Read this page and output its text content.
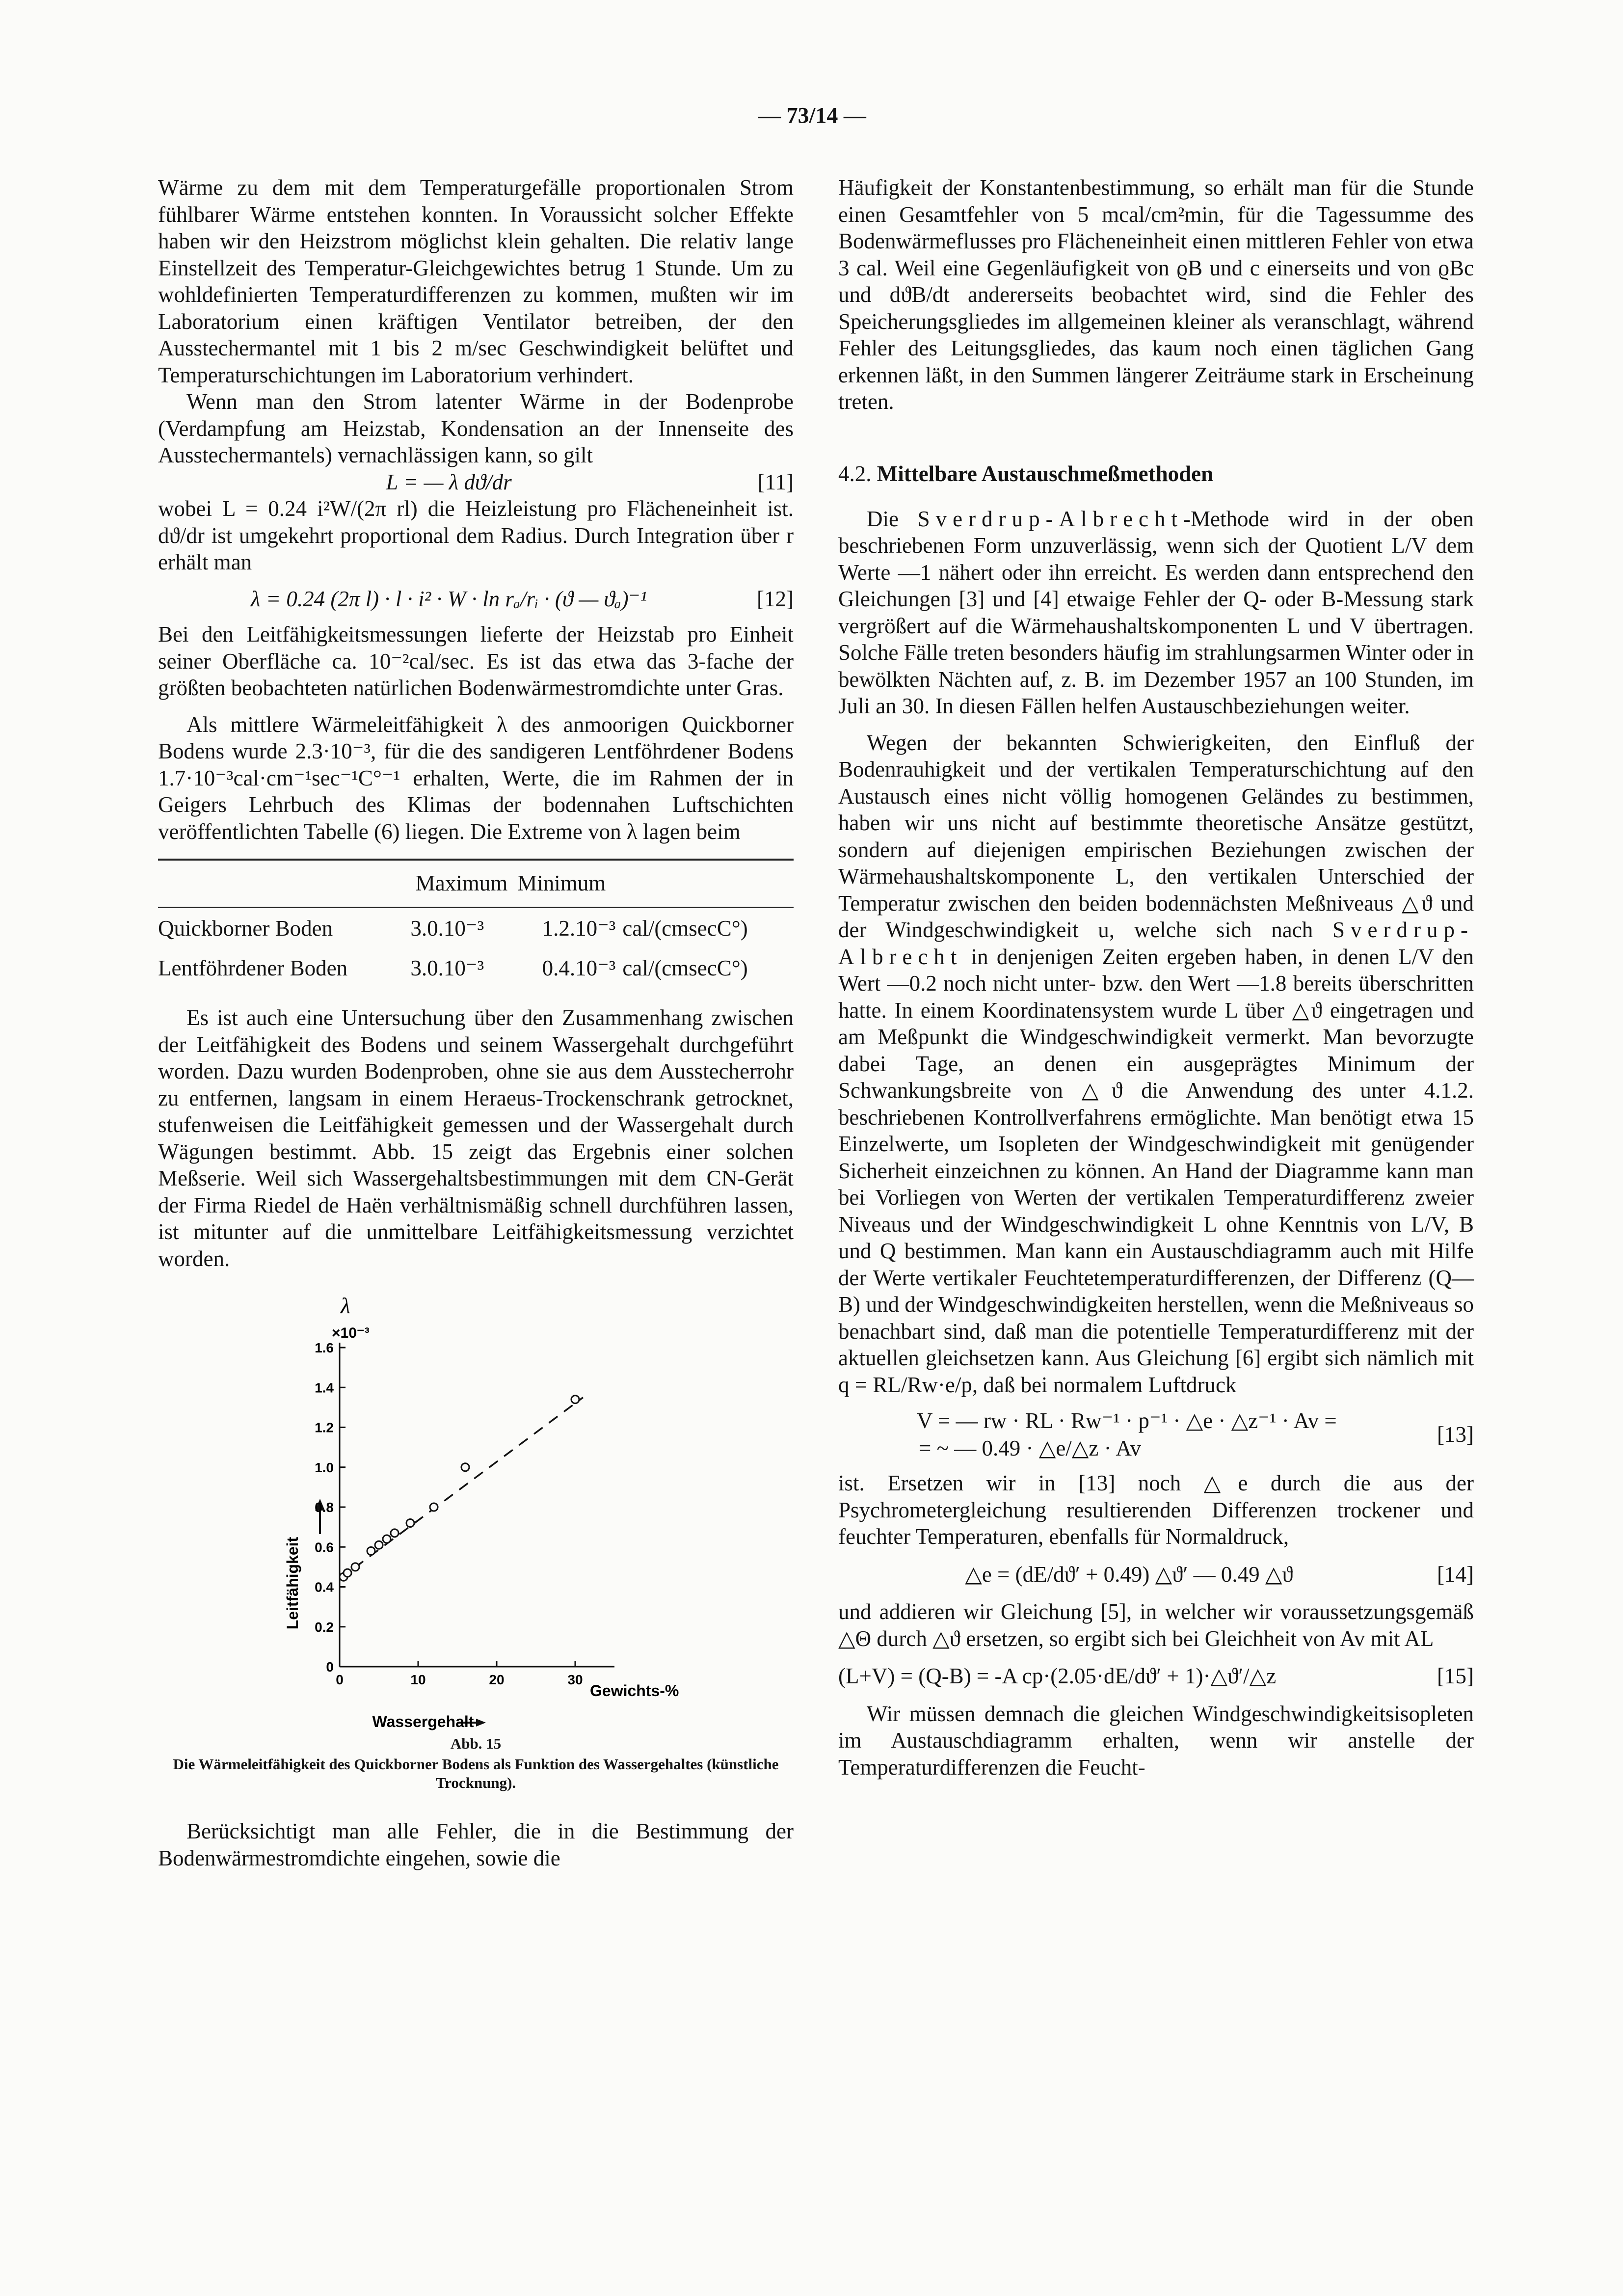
— 73/14 —

Wärme zu dem mit dem Temperaturgefälle proportionalen Strom fühlbarer Wärme entstehen konnten. In Voraussicht solcher Effekte haben wir den Heizstrom möglichst klein gehalten. Die relativ lange Einstellzeit des Temperatur-Gleichgewichtes betrug 1 Stunde. Um zu wohldefinierten Temperaturdifferenzen zu kommen, mußten wir im Laboratorium einen kräftigen Ventilator betreiben, der den Ausstechermantel mit 1 bis 2 m/sec Geschwindigkeit belüftet und Temperaturschichtungen im Laboratorium verhindert.

Wenn man den Strom latenter Wärme in der Bodenprobe (Verdampfung am Heizstab, Kondensation an der Innenseite des Ausstechermantels) vernachlässigen kann, so gilt

L = — λ dϑ/dr	[11]

wobei L = 0.24 i²W/(2π rl) die Heizleistung pro Flächeneinheit ist. dϑ/dr ist umgekehrt proportional dem Radius. Durch Integration über r erhält man

λ = 0.24 (2π l) · l · i² · W · ln rₐ/rᵢ · (ϑ — ϑₐ)⁻¹	[12]

Bei den Leitfähigkeitsmessungen lieferte der Heizstab pro Einheit seiner Oberfläche ca. 10⁻²cal/sec. Es ist das etwa das 3-fache der größten beobachteten natürlichen Bodenwärmestromdichte unter Gras.

Als mittlere Wärmeleitfähigkeit λ des anmoorigen Quickborner Bodens wurde 2.3·10⁻³, für die des sandigeren Lentföhrdener Bodens 1.7·10⁻³cal·cm⁻¹sec⁻¹C°⁻¹ erhalten, Werte, die im Rahmen der in Geigers Lehrbuch des Klimas der bodennahen Luftschichten veröffentlichten Tabelle (6) liegen. Die Extreme von λ lagen beim

	Maximum	Minimum	
Quickborner Boden	3.0.10⁻³	1.2.10⁻³	cal/(cmsecC°)
Lentföhrdener Boden	3.0.10⁻³	0.4.10⁻³	cal/(cmsecC°)

Es ist auch eine Untersuchung über den Zusammenhang zwischen der Leitfähigkeit des Bodens und seinem Wassergehalt durchgeführt worden. Dazu wurden Bodenproben, ohne sie aus dem Ausstecherrohr zu entfernen, langsam in einem Heraeus-Trockenschrank getrocknet, stufenweisen die Leitfähigkeit gemessen und der Wassergehalt durch Wägungen bestimmt. Abb. 15 zeigt das Ergebnis einer solchen Meßserie. Weil sich Wassergehaltsbestimmungen mit dem CN-Gerät der Firma Riedel de Haën verhältnismäßig schnell durchführen lassen, ist mitunter auf die unmittelbare Leitfähigkeitsmessung verzichtet worden.

0
0.2
0.4
0.6
0.8
1.0
1.2
1.4
1.6
0	10	20	30
λ
×10⁻³
Leitfähigkeit
Gewichts-%
Wassergehalt
Abb. 15
Die Wärmeleitfähigkeit des Quickborner Bodens als Funktion des Wassergehaltes (künstliche Trocknung).

Berücksichtigt man alle Fehler, die in die Bestimmung der Bodenwärmestromdichte eingehen, sowie die

Häufigkeit der Konstantenbestimmung, so erhält man für die Stunde einen Gesamtfehler von 5 mcal/cm²min, für die Tagessumme des Bodenwärmeflusses pro Flächeneinheit einen mittleren Fehler von etwa 3 cal. Weil eine Gegenläufigkeit von ϱB und c einerseits und von ϱBc und dϑB/dt andererseits beobachtet wird, sind die Fehler des Speicherungsgliedes im allgemeinen kleiner als veranschlagt, während Fehler des Leitungsgliedes, das kaum noch einen täglichen Gang erkennen läßt, in den Summen längerer Zeiträume stark in Erscheinung treten.

4.2. Mittelbare Austauschmeßmethoden

Die Sverdrup-Albrecht-Methode wird in der oben beschriebenen Form unzuverlässig, wenn sich der Quotient L/V dem Werte —1 nähert oder ihn erreicht. Es werden dann entsprechend den Gleichungen [3] und [4] etwaige Fehler der Q- oder B-Messung stark vergrößert auf die Wärmehaushaltskomponenten L und V übertragen. Solche Fälle treten besonders häufig im strahlungsarmen Winter oder in bewölkten Nächten auf, z. B. im Dezember 1957 an 100 Stunden, im Juli an 30. In diesen Fällen helfen Austauschbeziehungen weiter.

Wegen der bekannten Schwierigkeiten, den Einfluß der Bodenrauhigkeit und der vertikalen Temperaturschichtung auf den Austausch eines nicht völlig homogenen Geländes zu bestimmen, haben wir uns nicht auf bestimmte theoretische Ansätze gestützt, sondern auf diejenigen empirischen Beziehungen zwischen der Wärmehaushaltskomponente L, den vertikalen Unterschied der Temperatur zwischen den beiden bodennächsten Meßniveaus △ϑ und der Windgeschwindigkeit u, welche sich nach Sverdrup-Albrecht in denjenigen Zeiten ergeben haben, in denen L/V den Wert —0.2 noch nicht unter- bzw. den Wert —1.8 bereits überschritten hatte. In einem Koordinatensystem wurde L über △ϑ eingetragen und am Meßpunkt die Windgeschwindigkeit vermerkt. Man bevorzugte dabei Tage, an denen ein ausgeprägtes Minimum der Schwankungsbreite von △ϑ die Anwendung des unter 4.1.2. beschriebenen Kontrollverfahrens ermöglichte. Man benötigt etwa 15 Einzelwerte, um Isopleten der Windgeschwindigkeit mit genügender Sicherheit einzeichnen zu können. An Hand der Diagramme kann man bei Vorliegen von Werten der vertikalen Temperaturdifferenz zweier Niveaus und der Windgeschwindigkeit L ohne Kenntnis von L/V, B und Q bestimmen. Man kann ein Austauschdiagramm auch mit Hilfe der Werte vertikaler Feuchtetemperaturdifferenzen, der Differenz (Q—B) und der Windgeschwindigkeiten herstellen, wenn die Meßniveaus so benachbart sind, daß man die potentielle Temperaturdifferenz mit der aktuellen gleichsetzen kann. Aus Gleichung [6] ergibt sich nämlich mit q = RL/Rw·e/p, daß bei normalem Luftdruck

V = — rw · RL · Rw⁻¹ · p⁻¹ · △e · △z⁻¹ · Av =
= ~ — 0.49 · △e/△z · Av
[13]

ist. Ersetzen wir in [13] noch △e durch die aus der Psychrometergleichung resultierenden Differenzen trockener und feuchter Temperaturen, ebenfalls für Normaldruck,

△e = (dE/dϑ′ + 0.49) △ϑ′ — 0.49 △ϑ	[14]

und addieren wir Gleichung [5], in welcher wir voraussetzungsgemäß △Θ durch △ϑ ersetzen, so ergibt sich bei Gleichheit von Av mit AL

(L+V) = (Q-B) = -A cp·(2.05·dE/dϑ′ + 1)·△ϑ′/△z	[15]

Wir müssen demnach die gleichen Windgeschwindigkeitsisopleten im Austauschdiagramm erhalten, wenn wir anstelle der Temperaturdifferenzen die Feucht-
